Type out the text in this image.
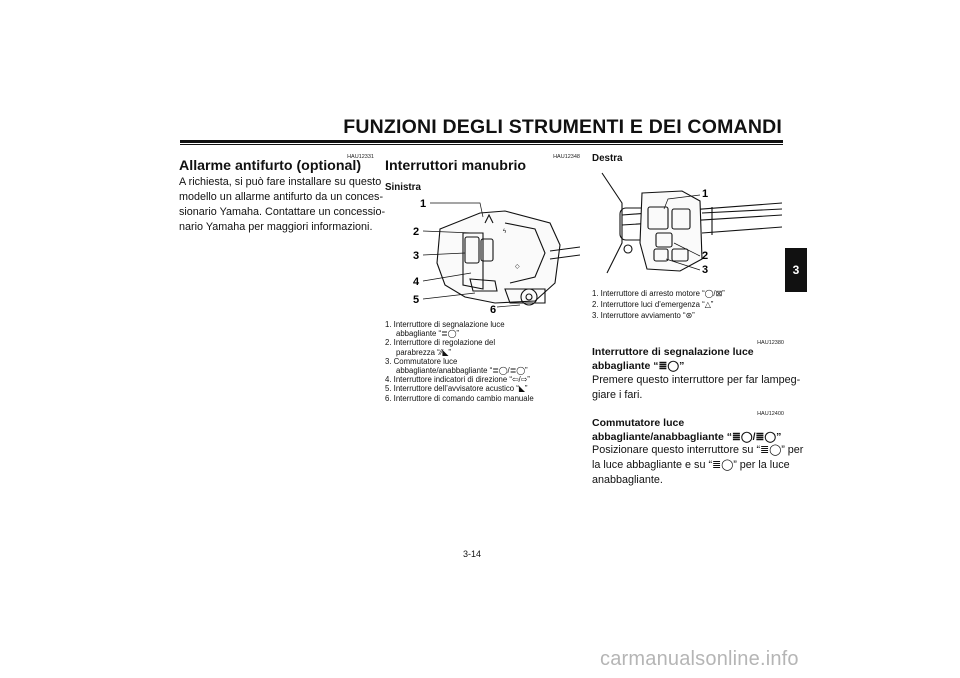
FUNZIONI DEGLI STRUMENTI E DEI COMANDI
3
HAU12331
Allarme antifurto (optional)
A richiesta, si può fare installare su questo
modello un allarme antifurto da un conces-
sionario Yamaha. Contattare un concessio-
nario Yamaha per maggiori informazioni.
HAU12348
Interruttori manubrio
Sinistra
ϟ
◇
1
2
3
4
5
6
1. Interruttore di segnalazione luce
abbagliante “≣◯”
2. Interruttore di regolazione del
parabrezza “⁄⁄◣”
3. Commutatore luce
abbagliante/anabbagliante “≣◯/≣◯”
4. Interruttore indicatori di direzione “⇦/⇨”
5. Interruttore dell’avvisatore acustico “◣”
6. Interruttore di comando cambio manuale
Destra
1
2
3
1. Interruttore di arresto motore “◯/⊠”
2. Interruttore luci d’emergenza “△”
3. Interruttore avviamento “⊛”
HAU12380
Interruttore di segnalazione luce
abbagliante “≣◯”
Premere questo interruttore per far lampeg-
giare i fari.
HAU12400
Commutatore luce
abbagliante/anabbagliante “≣◯/≣◯”
Posizionare questo interruttore su “≣◯” per
la luce abbagliante e su “≣◯” per la luce
anabbagliante.
3-14
carmanualsonline.info
